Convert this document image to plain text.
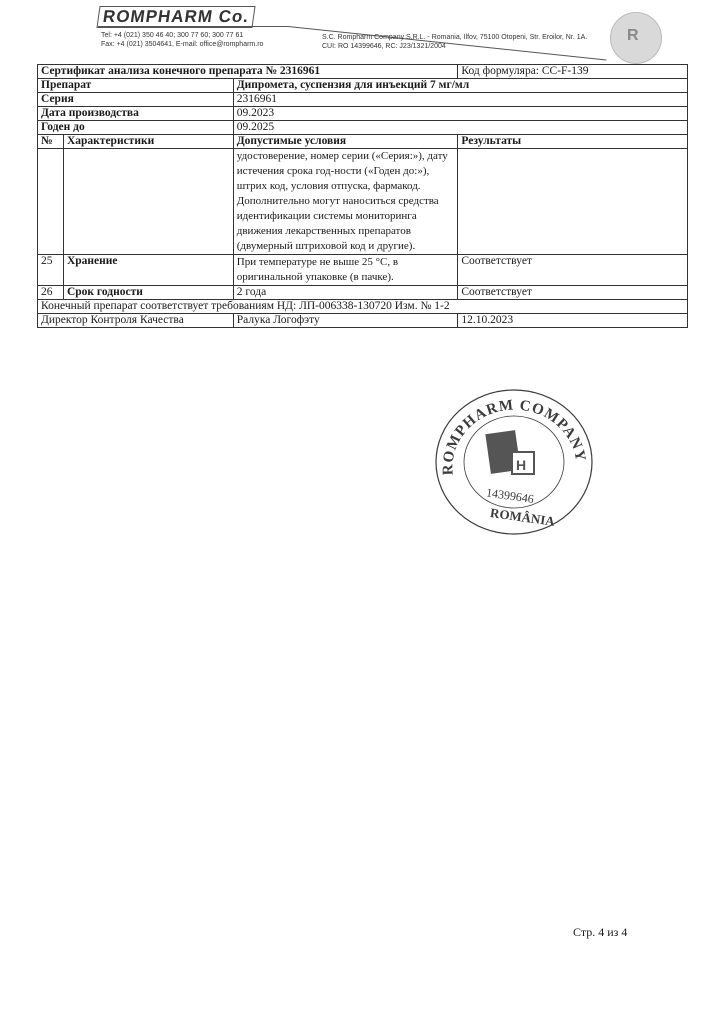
ROMPHARM Co.
Tel: +4 (021) 350 46 40; 300 77 60; 300 77 61
Fax: +4 (021) 3504641, E-mail: office@rompharm.ro
S.C. Rompharm Company S.R.L. - Romania, Ilfov, 75100 Otopeni, Str. Eroilor, Nr. 1A.
CUI: RO 14399646, RC: J23/1321/2004
R
Сертификат анализа конечного препарата № 2316961			Код формуляра: CC-F-139
Препарат		Дипромета, суспензия для инъекций 7 мг/мл	
Серия		2316961	
Дата производства		09.2023	
Годен до		09.2025	
№	Характеристики	Допустимые условия	Результаты
		удостоверение, номер серии («Серия:»), дату истечения срока год-ности («Годен до:»), штрих код, условия отпуска, фармакод. Дополнительно могут наноситься средства идентификации системы мониторинга движения лекарственных препаратов (двумерный штриховой код и другие).	
25	Хранение	При температуре не выше 25 °С, в оригинальной упаковке (в пачке).	Соответствует
26	Срок годности	2 года	Соответствует
Конечный препарат соответствует требованиям НД: ЛП-006338-130720 Изм. № 1-2			
Директор Контроля Качества		Ралука Логофэту	12.10.2023
ROMPHARM COMPANY
H
14399646
ROMÂNIA
Стр. 4 из 4
